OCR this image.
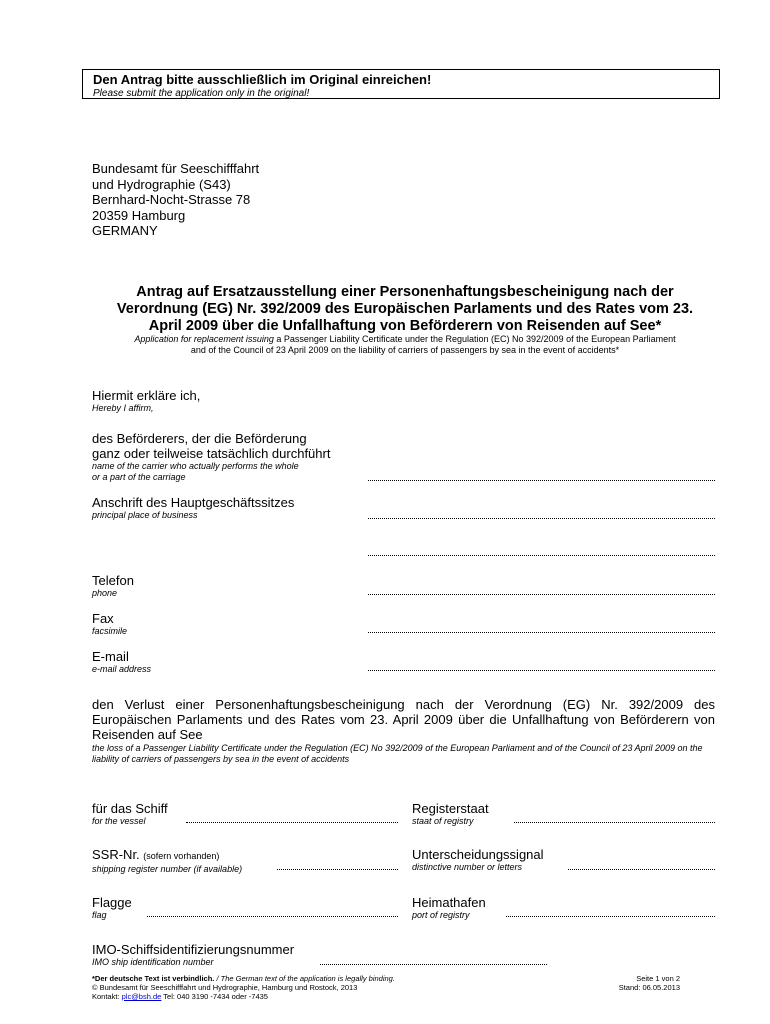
Den Antrag bitte ausschließlich im Original einreichen!
Please submit the application only in the original!
Bundesamt für Seeschifffahrt
und Hydrographie (S43)
Bernhard-Nocht-Strasse 78
20359 Hamburg
GERMANY
Antrag auf Ersatzausstellung einer Personenhaftungsbescheinigung nach der
Verordnung (EG) Nr. 392/2009 des Europäischen Parlaments und des Rates vom 23.
April 2009 über die Unfallhaftung von Beförderern von Reisenden auf See*
Application for replacement issuing a Passenger Liability Certificate under the Regulation (EC) No 392/2009 of the European Parliament
and of the Council of 23 April 2009 on the liability of carriers of passengers by sea in the event of accidents*
Hiermit erkläre ich,
Hereby I affirm,
des Beförderers, der die Beförderung
ganz oder teilweise tatsächlich durchführt
name of the carrier who actually performs the whole
or a part of the carriage
Anschrift des Hauptgeschäftssitzes
principal place of business
Telefon
phone
Fax
facsimile
E-mail
e-mail address
den Verlust einer Personenhaftungsbescheinigung nach der Verordnung (EG) Nr. 392/2009 des Europäischen Parlaments und des Rates vom 23. April 2009 über die Unfallhaftung von Beförderern von Reisenden auf See
the loss of a Passenger Liability Certificate under the Regulation (EC) No 392/2009 of the European Parliament and of the Council of 23 April 2009 on the liability of carriers of passengers by sea in the event of accidents
für das Schiff
for the vessel
SSR-Nr. (sofern vorhanden)
shipping register number (if available)
Flagge
flag
IMO-Schiffsidentifizierungsnummer
IMO ship identification number
Registerstaat
staat of registry
Unterscheidungssignal
distinctive number or letters
Heimathafen
port of registry
*Der deutsche Text ist verbindlich. / The German text of the application is legally binding.
© Bundesamt für Seeschifffahrt und Hydrographie, Hamburg und Rostock, 2013
Kontakt: plc@bsh.de Tel: 040 3190 -7434 oder -7435
Seite 1 von 2
Stand: 06.05.2013
